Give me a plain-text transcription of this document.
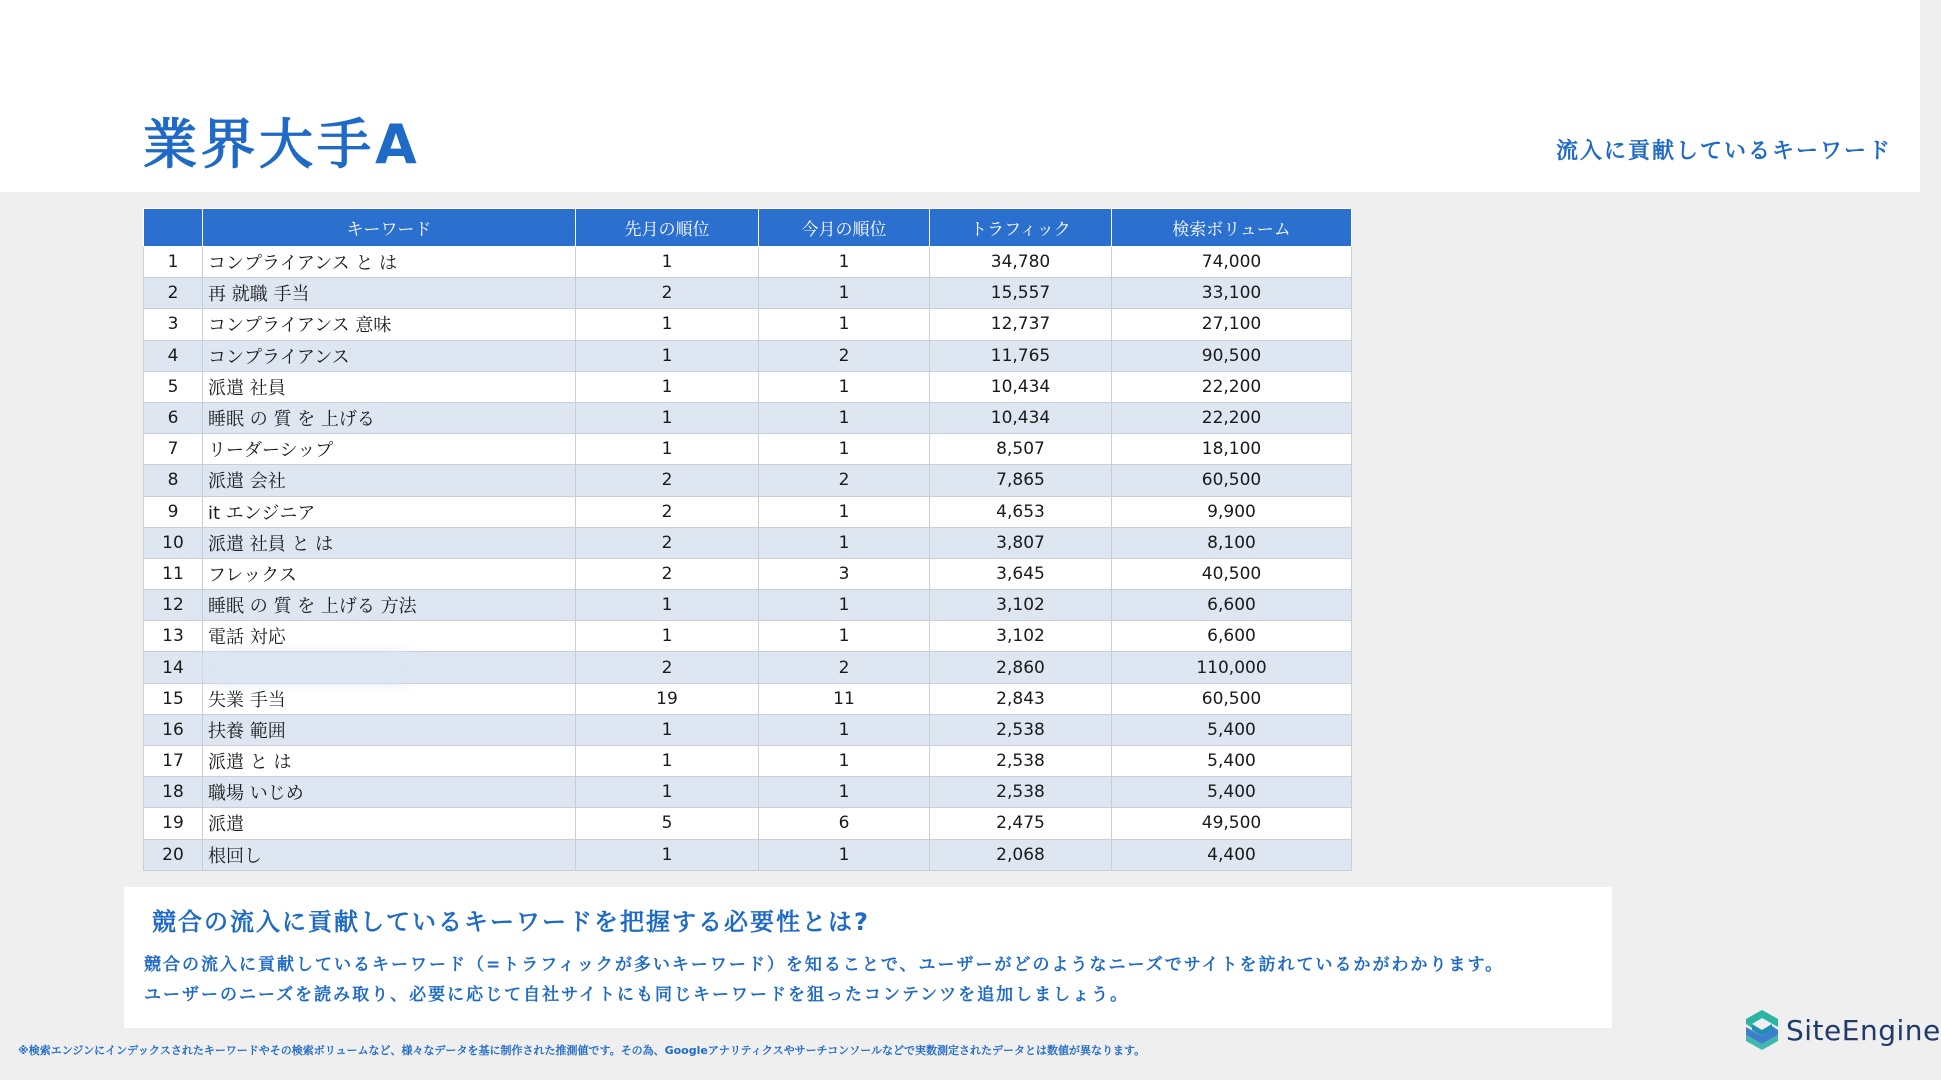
業界大手A	流入に貢献しているキーワード
	キーワード	先月の順位	今月の順位	トラフィック	検索ボリューム
1	コンプライアンス と は	1	1	34,780	74,000
2	再 就職 手当	2	1	15,557	33,100
3	コンプライアンス 意味	1	1	12,737	27,100
4	コンプライアンス	1	2	11,765	90,500
5	派遣 社員	1	1	10,434	22,200
6	睡眠 の 質 を 上げる	1	1	10,434	22,200
7	リーダーシップ	1	1	8,507	18,100
8	派遣 会社	2	2	7,865	60,500
9	it エンジニア	2	1	4,653	9,900
10	派遣 社員 と は	2	1	3,807	8,100
11	フレックス	2	3	3,645	40,500
12	睡眠 の 質 を 上げる 方法	1	1	3,102	6,600
13	電話 対応	1	1	3,102	6,600
14		2	2	2,860	110,000
15	失業 手当	19	11	2,843	60,500
16	扶養 範囲	1	1	2,538	5,400
17	派遣 と は	1	1	2,538	5,400
18	職場 いじめ	1	1	2,538	5,400
19	派遣	5	6	2,475	49,500
20	根回し	1	1	2,068	4,400
競合の流入に貢献しているキーワードを把握する必要性とは?
競合の流入に貢献しているキーワード（=トラフィックが多いキーワード）を知ることで、ユーザーがどのようなニーズでサイトを訪れているかがわかります。
ユーザーのニーズを読み取り、必要に応じて自社サイトにも同じキーワードを狙ったコンテンツを追加しましょう。
※検索エンジンにインデックスされたキーワードやその検索ボリュームなど、様々なデータを基に制作された推測値です。その為、Googleアナリティクスやサーチコンソールなどで実数測定されたデータとは数値が異なります。
SiteEngine
